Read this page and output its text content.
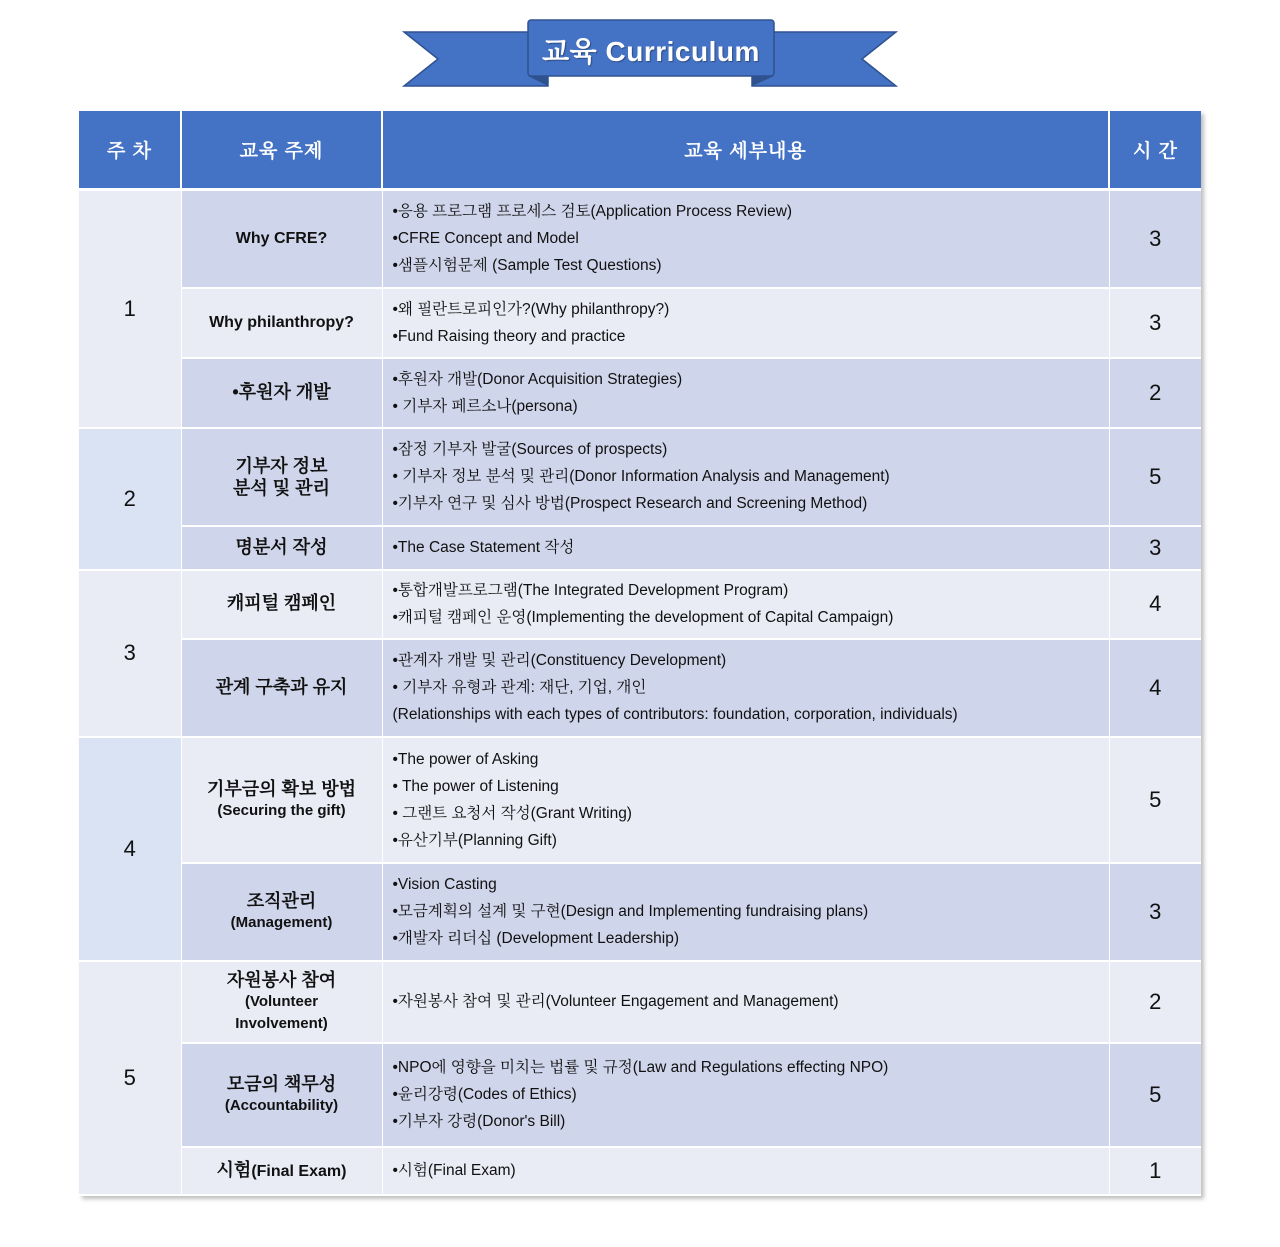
교육 Curriculum
주 차	교육 주제	교육 세부내용	시 간
1	Why CFRE?	•응용 프로그램 프로세스 검토(Application Process Review)
•CFRE Concept and Model
•샘플시험문제 (Sample Test Questions)	3
	Why philanthropy?	•왜 필란트로피인가?(Why philanthropy?)
•Fund Raising theory and practice	3
	•후원자 개발	•후원자 개발(Donor Acquisition Strategies)
• 기부자 페르소나(persona)	2
2	기부자 정보
분석 및 관리	•잠정 기부자 발굴(Sources of prospects)
• 기부자 정보 분석 및 관리(Donor Information Analysis and Management)
•기부자 연구 및 심사 방법(Prospect Research and Screening Method)	5
	명분서 작성	•The Case Statement 작성	3
3	캐피털 캠페인	•통합개발프로그램(The Integrated Development Program)
•캐피털 캠페인 운영(Implementing the development of Capital Campaign)	4
	관계 구축과 유지	•관계자 개발 및 관리(Constituency Development)
• 기부자 유형과 관계: 재단, 기업, 개인
(Relationships with each types of contributors: foundation, corporation, individuals)	4
4	기부금의 확보 방법
(Securing the gift)	•The power of Asking
• The power of Listening
• 그랜트 요청서 작성(Grant Writing)
•유산기부(Planning Gift)	5

	조직관리
(Management)	•Vision Casting
•모금계획의 설계 및 구현(Design and Implementing fundraising plans)
•개발자 리더십 (Development Leadership)	3
5	자원봉사 참여
(Volunteer
Involvement)	•자원봉사 참여 및 관리(Volunteer Engagement and Management)	2

	모금의 책무성
(Accountability)	•NPO에 영향을 미치는 법률 및 규정(Law and Regulations effecting NPO)
•윤리강령(Codes of Ethics)
•기부자 강령(Donor's Bill)	5
	시험(Final Exam)	•시험(Final Exam)	1
